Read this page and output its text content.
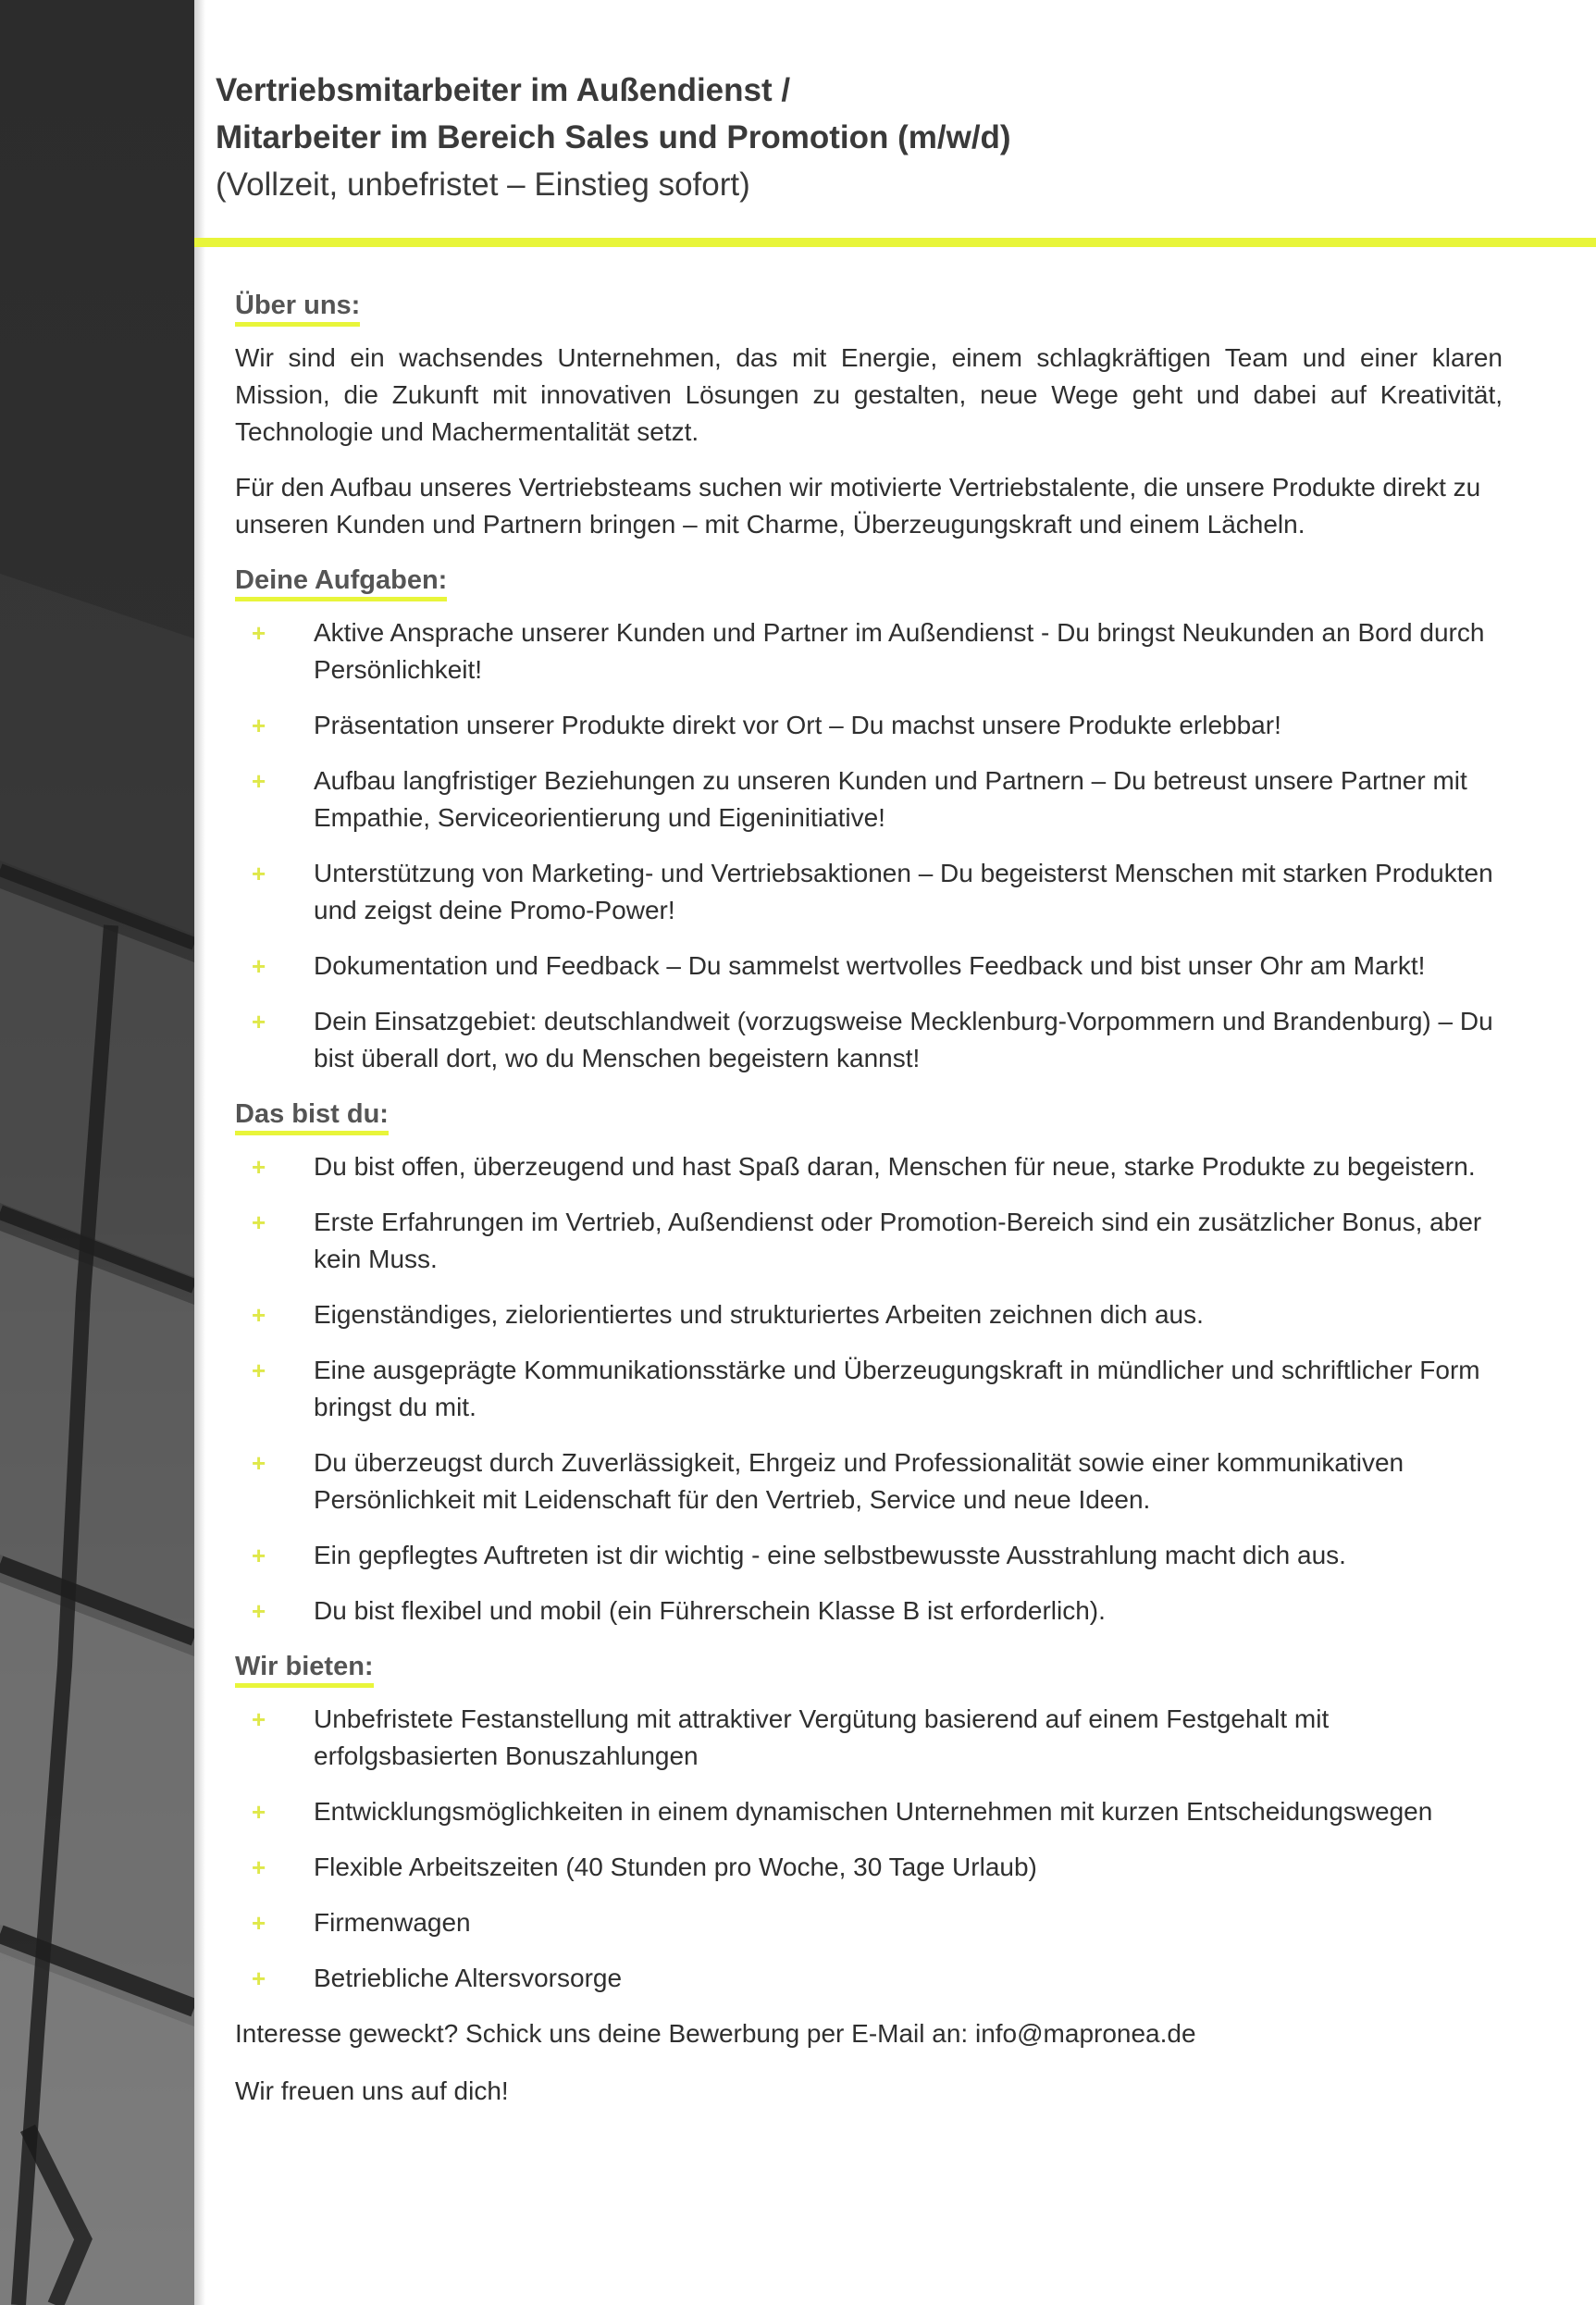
Vertriebsmitarbeiter im Außendienst /

Mitarbeiter im Bereich Sales und Promotion (m/w/d)

(Vollzeit, unbefristet – Einstieg sofort)

Über uns:

Wir sind ein wachsendes Unternehmen, das mit Energie, einem schlagkräftigen Team und einer klaren Mission, die Zukunft mit innovativen Lösungen zu gestalten, neue Wege geht und dabei auf Kreativität, Technologie und Machermentalität setzt.

Für den Aufbau unseres Vertriebsteams suchen wir motivierte Vertriebstalente, die unsere Produkte direkt zu unseren Kunden und Partnern bringen – mit Charme, Überzeugungskraft und einem Lächeln.

Deine Aufgaben:
+ Aktive Ansprache unserer Kunden und Partner im Außendienst - Du bringst Neukunden an Bord durch Persönlichkeit!
+ Präsentation unserer Produkte direkt vor Ort – Du machst unsere Produkte erlebbar!
+ Aufbau langfristiger Beziehungen zu unseren Kunden und Partnern – Du betreust unsere Partner mit Empathie, Serviceorientierung und Eigeninitiative!
+ Unterstützung von Marketing- und Vertriebsaktionen – Du begeisterst Menschen mit starken Produkten und zeigst deine Promo-Power!
+ Dokumentation und Feedback – Du sammelst wertvolles Feedback und bist unser Ohr am Markt!
+ Dein Einsatzgebiet: deutschlandweit (vorzugsweise Mecklenburg-Vorpommern und Brandenburg) – Du bist überall dort, wo du Menschen begeistern kannst!
Das bist du:
+ Du bist offen, überzeugend und hast Spaß daran, Menschen für neue, starke Produkte zu begeistern.
+ Erste Erfahrungen im Vertrieb, Außendienst oder Promotion-Bereich sind ein zusätzlicher Bonus, aber kein Muss.
+ Eigenständiges, zielorientiertes und strukturiertes Arbeiten zeichnen dich aus.
+ Eine ausgeprägte Kommunikationsstärke und Überzeugungskraft in mündlicher und schriftlicher Form bringst du mit.
+ Du überzeugst durch Zuverlässigkeit, Ehrgeiz und Professionalität sowie einer kommunikativen Persönlichkeit mit Leidenschaft für den Vertrieb, Service und neue Ideen.
+ Ein gepflegtes Auftreten ist dir wichtig - eine selbstbewusste Ausstrahlung macht dich aus.
+ Du bist flexibel und mobil (ein Führerschein Klasse B ist erforderlich).
Wir bieten:
+ Unbefristete Festanstellung mit attraktiver Vergütung basierend auf einem Festgehalt mit erfolgsbasierten Bonuszahlungen
+ Entwicklungsmöglichkeiten in einem dynamischen Unternehmen mit kurzen Entscheidungswegen
+ Flexible Arbeitszeiten (40 Stunden pro Woche, 30 Tage Urlaub)
+ Firmenwagen
+ Betriebliche Altersvorsorge

Interesse geweckt? Schick uns deine Bewerbung per E-Mail an: info@mapronea.de

Wir freuen uns auf dich!
